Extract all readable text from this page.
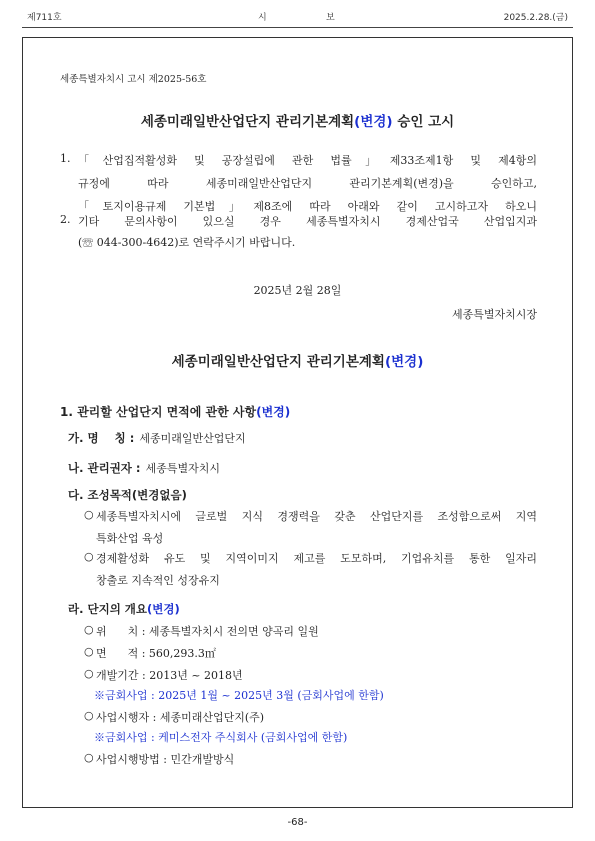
제711호	시	보	2025.2.28.(금)
세종특별자치시 고시 제2025-56호
세종미래일반산업단지 관리기본계획(변경) 승인 고시
1. 「산업집적활성화 및 공장설립에 관한 법률」제33조제1항 및 제4항의
규정에 따라 세종미래일반산업단지 관리기본계획(변경)을 승인하고,
「토지이용규제 기본법」제8조에 따라 아래와 같이 고시하고자 하오니
2. 기타 문의사항이 있으실 경우 세종특별자치시 경제산업국 산업입지과
(☏ 044-300-4642)로 연락주시기 바랍니다.
2025년 2월 28일
세종특별자치시장
세종미래일반산업단지 관리기본계획(변경)
1. 관리할 산업단지 면적에 관한 사항(변경)
가. 명    칭 : 세종미래일반산업단지
나. 관리권자 : 세종특별자치시
다. 조성목적(변경없음)
○ 세종특별자치시에 글로벌 지식 경쟁력을 갖춘 산업단지를 조성함으로써 지역
특화산업 육성
○ 경제활성화 유도 및 지역이미지 제고를 도모하며, 기업유치를 통한 일자리
창출로 지속적인 성장유지
라. 단지의 개요(변경)
○ 위      치 : 세종특별자치시 전의면 양곡리 일원
○ 면      적 : 560,293.3㎡
○ 개발기간 : 2013년 ~ 2018년
※금회사업 : 2025년 1월 ~ 2025년 3월 (금회사업에 한함)
○ 사업시행자 : 세종미래산업단지(주)
※금회사업 : 케미스전자 주식회사 (금회사업에 한함)
○ 사업시행방법 : 민간개발방식
-68-
